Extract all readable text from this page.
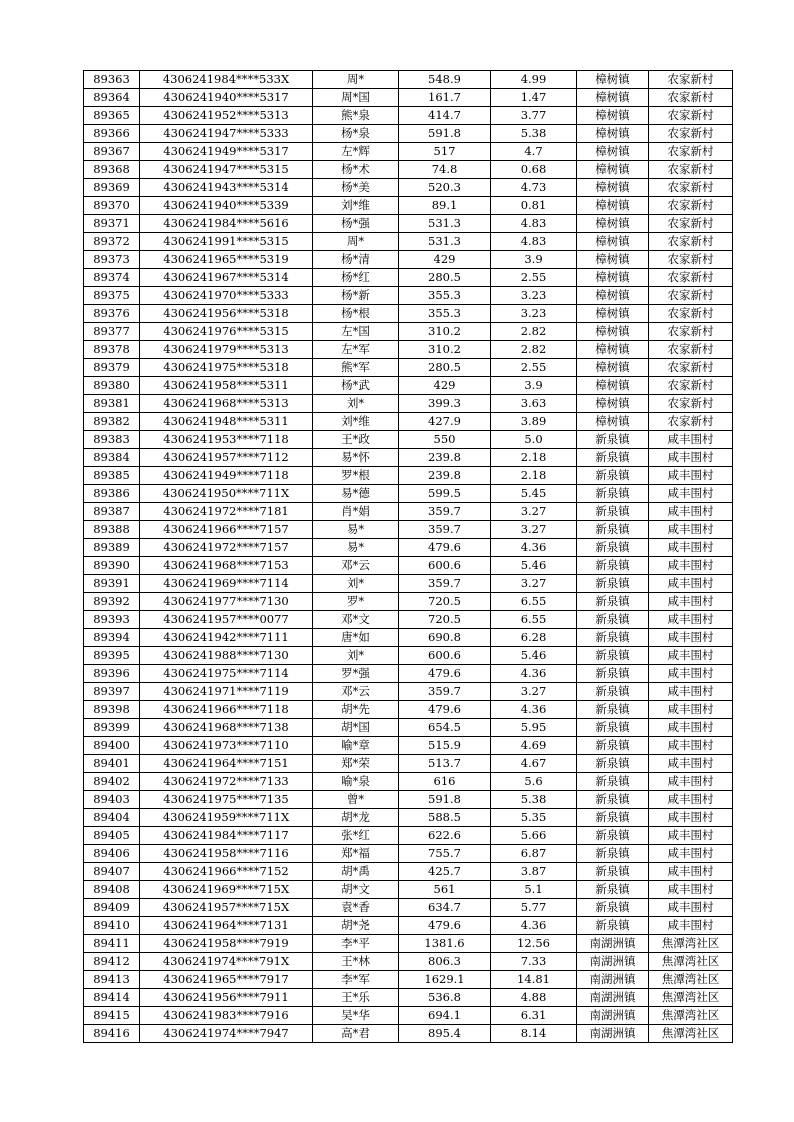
89363	4306241984****533X	周*	548.9	4.99	樟树镇	农家新村
89364	4306241940****5317	周*国	161.7	1.47	樟树镇	农家新村
89365	4306241952****5313	熊*泉	414.7	3.77	樟树镇	农家新村
89366	4306241947****5333	杨*泉	591.8	5.38	樟树镇	农家新村
89367	4306241949****5317	左*辉	517	4.7	樟树镇	农家新村
89368	4306241947****5315	杨*术	74.8	0.68	樟树镇	农家新村
89369	4306241943****5314	杨*美	520.3	4.73	樟树镇	农家新村
89370	4306241940****5339	刘*维	89.1	0.81	樟树镇	农家新村
89371	4306241984****5616	杨*强	531.3	4.83	樟树镇	农家新村
89372	4306241991****5315	周*	531.3	4.83	樟树镇	农家新村
89373	4306241965****5319	杨*清	429	3.9	樟树镇	农家新村
89374	4306241967****5314	杨*红	280.5	2.55	樟树镇	农家新村
89375	4306241970****5333	杨*新	355.3	3.23	樟树镇	农家新村
89376	4306241956****5318	杨*根	355.3	3.23	樟树镇	农家新村
89377	4306241976****5315	左*国	310.2	2.82	樟树镇	农家新村
89378	4306241979****5313	左*军	310.2	2.82	樟树镇	农家新村
89379	4306241975****5318	熊*军	280.5	2.55	樟树镇	农家新村
89380	4306241958****5311	杨*武	429	3.9	樟树镇	农家新村
89381	4306241968****5313	刘*	399.3	3.63	樟树镇	农家新村
89382	4306241948****5311	刘*维	427.9	3.89	樟树镇	农家新村
89383	4306241953****7118	王*政	550	5.0	新泉镇	咸丰围村
89384	4306241957****7112	易*怀	239.8	2.18	新泉镇	咸丰围村
89385	4306241949****7118	罗*根	239.8	2.18	新泉镇	咸丰围村
89386	4306241950****711X	易*德	599.5	5.45	新泉镇	咸丰围村
89387	4306241972****7181	肖*娟	359.7	3.27	新泉镇	咸丰围村
89388	4306241966****7157	易*	359.7	3.27	新泉镇	咸丰围村
89389	4306241972****7157	易*	479.6	4.36	新泉镇	咸丰围村
89390	4306241968****7153	邓*云	600.6	5.46	新泉镇	咸丰围村
89391	4306241969****7114	刘*	359.7	3.27	新泉镇	咸丰围村
89392	4306241977****7130	罗*	720.5	6.55	新泉镇	咸丰围村
89393	4306241957****0077	邓*文	720.5	6.55	新泉镇	咸丰围村
89394	4306241942****7111	唐*如	690.8	6.28	新泉镇	咸丰围村
89395	4306241988****7130	刘*	600.6	5.46	新泉镇	咸丰围村
89396	4306241975****7114	罗*强	479.6	4.36	新泉镇	咸丰围村
89397	4306241971****7119	邓*云	359.7	3.27	新泉镇	咸丰围村
89398	4306241966****7118	胡*先	479.6	4.36	新泉镇	咸丰围村
89399	4306241968****7138	胡*国	654.5	5.95	新泉镇	咸丰围村
89400	4306241973****7110	喻*章	515.9	4.69	新泉镇	咸丰围村
89401	4306241964****7151	郑*荣	513.7	4.67	新泉镇	咸丰围村
89402	4306241972****7133	喻*泉	616	5.6	新泉镇	咸丰围村
89403	4306241975****7135	曾*	591.8	5.38	新泉镇	咸丰围村
89404	4306241959****711X	胡*龙	588.5	5.35	新泉镇	咸丰围村
89405	4306241984****7117	张*红	622.6	5.66	新泉镇	咸丰围村
89406	4306241958****7116	郑*福	755.7	6.87	新泉镇	咸丰围村
89407	4306241966****7152	胡*禹	425.7	3.87	新泉镇	咸丰围村
89408	4306241969****715X	胡*文	561	5.1	新泉镇	咸丰围村
89409	4306241957****715X	袁*香	634.7	5.77	新泉镇	咸丰围村
89410	4306241964****7131	胡*尧	479.6	4.36	新泉镇	咸丰围村
89411	4306241958****7919	李*平	1381.6	12.56	南湖洲镇	焦潭湾社区
89412	4306241974****791X	王*林	806.3	7.33	南湖洲镇	焦潭湾社区
89413	4306241965****7917	李*军	1629.1	14.81	南湖洲镇	焦潭湾社区
89414	4306241956****7911	王*乐	536.8	4.88	南湖洲镇	焦潭湾社区
89415	4306241983****7916	吴*华	694.1	6.31	南湖洲镇	焦潭湾社区
89416	4306241974****7947	高*君	895.4	8.14	南湖洲镇	焦潭湾社区
